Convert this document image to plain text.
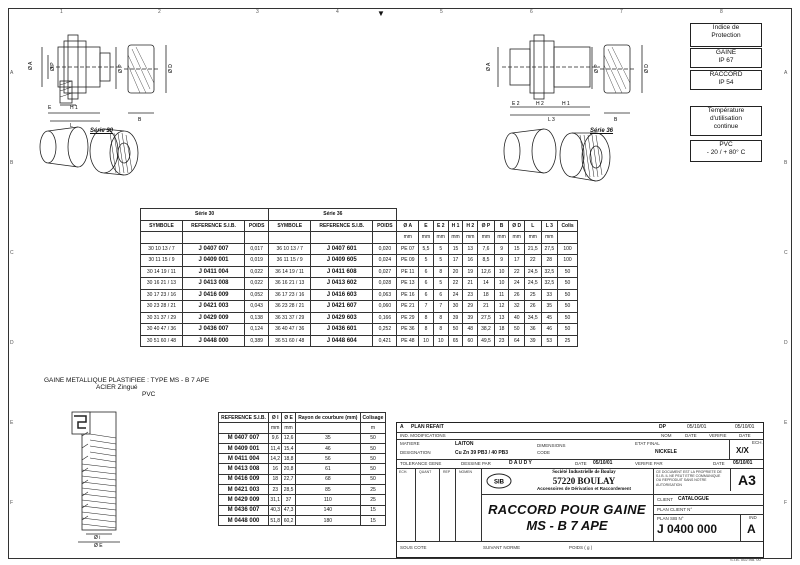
1	2	3	4	5	6	7	8
A
B
C
D
E
F
A
B
C
D
E
F
▼
Ø A	Ø P	Ø P	Ø D
E	H 1
L
B
Série 30
Ø A	Ø P	Ø D
E 2	H 2	H 1
L 3	B
Série 36
Indice de
Protection
GAINE
IP 67
RACCORD
IP 54
Température
d'utilisation
continue
PVC
- 20 / + 80° C
Série 30			Série 36													
SYMBOLE	REFERENCE S.I.B.	POIDS	SYMBOLE	REFERENCE S.I.B.	POIDS	Ø A	E	E 2	H 1	H 2	Ø P	B	Ø D	L	L 3	Colis
						mm	mm	mm	mm	mm	mm	mm	mm	mm	mm	
30 10 13 / 7	J 0407 007	0,017	36 10 13 / 7	J 0407 601	0,020	PE 07	5,5	5	15	13	7,6	9	15	21,5	27,5	100
30 11 15 / 9	J 0409 001	0,019	36 11 15 / 9	J 0409 605	0,024	PE 09	5	5	17	16	8,5	9	17	22	28	100
30 14 19 / 11	J 0411 004	0,022	36 14 19 / 11	J 0411 608	0,027	PE 11	6	8	20	19	12,6	10	22	24,5	32,5	50
30 16 21 / 13	J 0413 008	0,022	36 16 21 / 13	J 0413 602	0,028	PE 13	6	5	22	21	14	10	24	24,5	32,5	50
30 17 23 / 16	J 0416 009	0,052	36 17 23 / 16	J 0416 603	0,063	PE 16	6	6	24	23	18	11	26	25	33	50
30 23 28 / 21	J 0421 003	0,043	36 23 28 / 21	J 0421 607	0,060	PE 21	7	7	30	29	21	12	32	26	35	50
30 31 37 / 29	J 0429 009	0,138	36 31 37 / 29	J 0429 603	0,166	PE 29	8	8	39	39	27,5	13	40	34,5	45	50
30 40 47 / 36	J 0436 007	0,124	36 40 47 / 36	J 0436 601	0,252	PE 36	8	8	50	48	38,2	18	50	36	46	50
30 51 60 / 48	J 0448 000	0,389	36 51 60 / 48	J 0448 604	0,421	PE 48	10	10	65	60	49,5	23	64	39	53	25
GAINE METALLIQUE PLASTIFIEE : TYPE MS - B 7 APE
ACIER Zingué
PVC
Ø i
Ø E
REFERENCE S.I.B.	Ø I	Ø E	Rayon de courbure (mm)	Colisage
	mm	mm		m
M 0407 007	9,6	12,6	35	50
M 0409 001	11,4	15,4	46	50
M 0411 004	14,2	18,8	56	50
M 0413 008	16	20,8	61	50
M 0416 009	18	22,7	68	50
M 0421 003	23	28,5	85	25
M 0429 009	31,1	37	110	25
M 0436 007	40,3	47,3	140	15
M 0448 000	51,8	60,2	180	15
A PLAN REFAIT	DP	05/10/01	05/10/01
IND. MODIFICATIONS	NOM	DATE	VERIFIE	DATE
MATIERE	LAITON
DESIGNATION	Cu Zn 39 PB3 / 40 PB3
DIMENSIONS
CODE
ETAT FINAL
NICKELE
ECH.
X/X
TOLERANCE GENE	DESSINE PAR	D A U D Y	DATE 05/10/01	VERIFIE PAR	DATE 05/10/01
ECH.	QUANT	REP	NOMEN
SIB
Société Industrielle de Boulay
57220 BOULAY
Accessoires de Dérivation et Raccordement
CE DOCUMENT EST LA PROPRIETE DE S.I.B. IL NE PEUT ETRE COMMUNIQUE OU REPRODUIT SANS NOTRE AUTORISATION	A3
RACCORD POUR GAINE
MS - B 7 APE
CLIENT CATALOGUE
PLAN CLIENT N°
PLAN SIB N°
J 0400 000
IND
A
SOUS COTE	SUIVANT NORME	POIDS ( g )
S.I.B. 002 ind. 00
